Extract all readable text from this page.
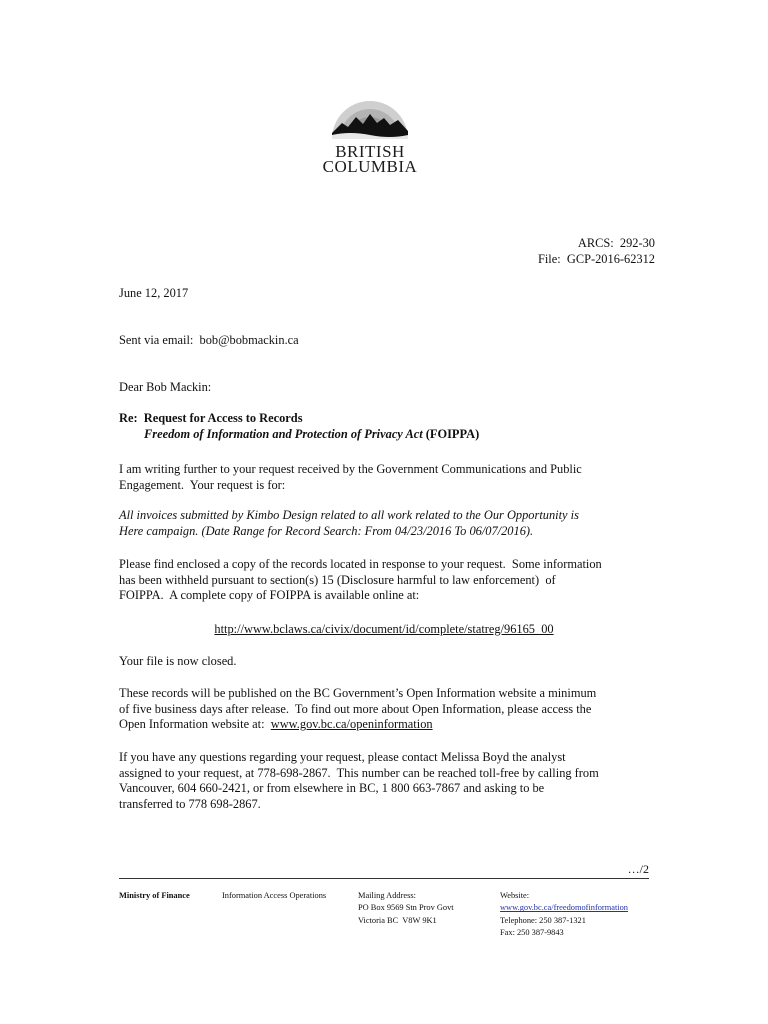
BRITISH
COLUMBIA
ARCS:  292-30
File:  GCP-2016-62312
June 12, 2017
Sent via email:  bob@bobmackin.ca
Dear Bob Mackin:
Re:  Request for Access to Records
Freedom of Information and Protection of Privacy Act (FOIPPA)
I am writing further to your request received by the Government Communications and Public
Engagement.  Your request is for:
All invoices submitted by Kimbo Design related to all work related to the Our Opportunity is
Here campaign. (Date Range for Record Search: From 04/23/2016 To 06/07/2016).
Please find enclosed a copy of the records located in response to your request.  Some information
has been withheld pursuant to section(s) 15 (Disclosure harmful to law enforcement)  of
FOIPPA.  A complete copy of FOIPPA is available online at:
http://www.bclaws.ca/civix/document/id/complete/statreg/96165_00
Your file is now closed.
These records will be published on the BC Government’s Open Information website a minimum
of five business days after release.  To find out more about Open Information, please access the
Open Information website at:  www.gov.bc.ca/openinformation
If you have any questions regarding your request, please contact Melissa Boyd the analyst
assigned to your request, at 778-698-2867.  This number can be reached toll-free by calling from
Vancouver, 604 660-2421, or from elsewhere in BC, 1 800 663-7867 and asking to be
transferred to 778 698-2867.
…/2
Ministry of Finance	Information Access Operations	Mailing Address:
PO Box 9569 Stn Prov Govt
Victoria BC  V8W 9K1
Website:
www.gov.bc.ca/freedomofinformation
Telephone: 250 387-1321
Fax: 250 387-9843
